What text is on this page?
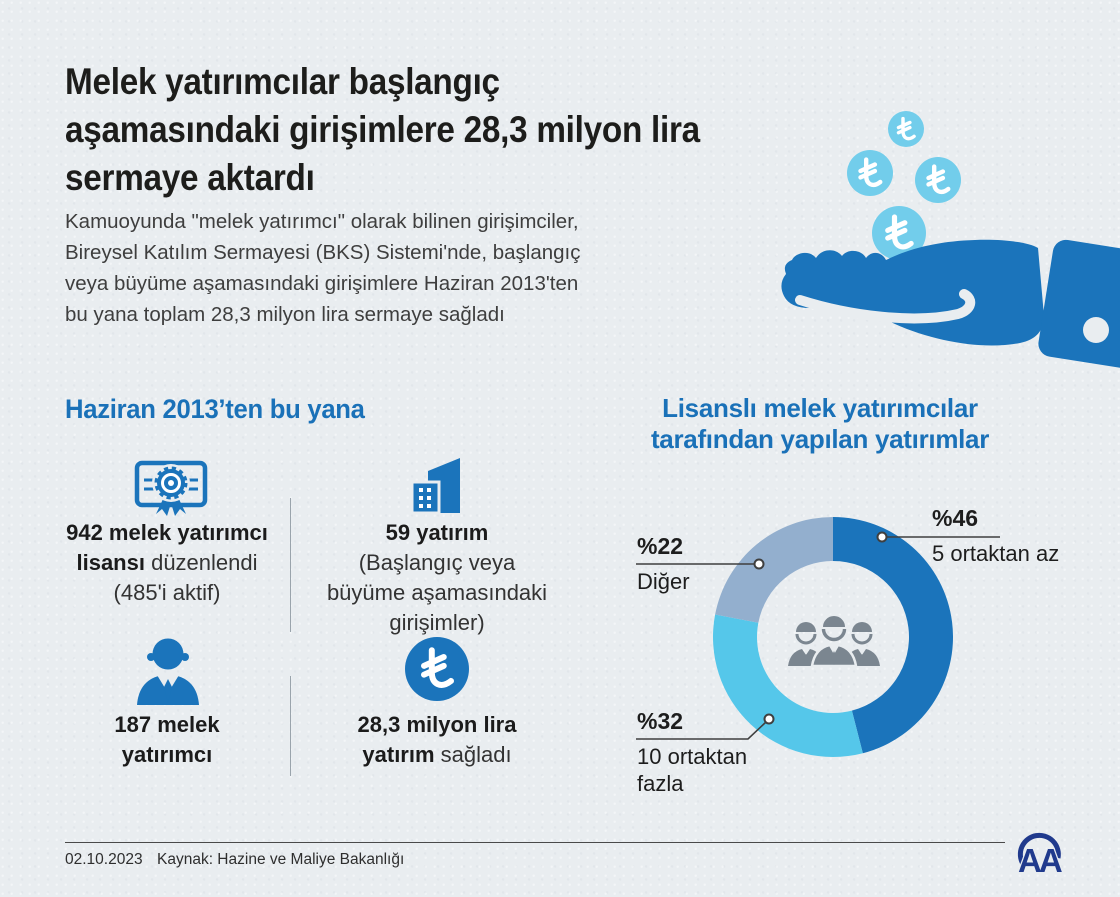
Melek yatırımcılar başlangıç
aşamasındaki girişimlere 28,3 milyon lira
sermaye aktardı
Kamuoyunda "melek yatırımcı" olarak bilinen girişimciler,
Bireysel Katılım Sermayesi (BKS) Sistemi'nde, başlangıç
veya büyüme aşamasındaki girişimlere Haziran 2013'ten
bu yana toplam 28,3 milyon lira sermaye sağladı
Haziran 2013’ten bu yana
942 melek yatırımcı
lisansı düzenlendi
(485'i aktif)
59 yatırım
(Başlangıç veya
büyüme aşamasındaki
girişimler)
187 melek
yatırımcı
28,3 milyon lira
yatırım sağladı
Lisanslı melek yatırımcılar
tarafından yapılan yatırımlar
%46
5 ortaktan az
%22
Diğer
%32
10 ortaktan fazla
02.10.2023 Kaynak: Hazine ve Maliye Bakanlığı	AA
